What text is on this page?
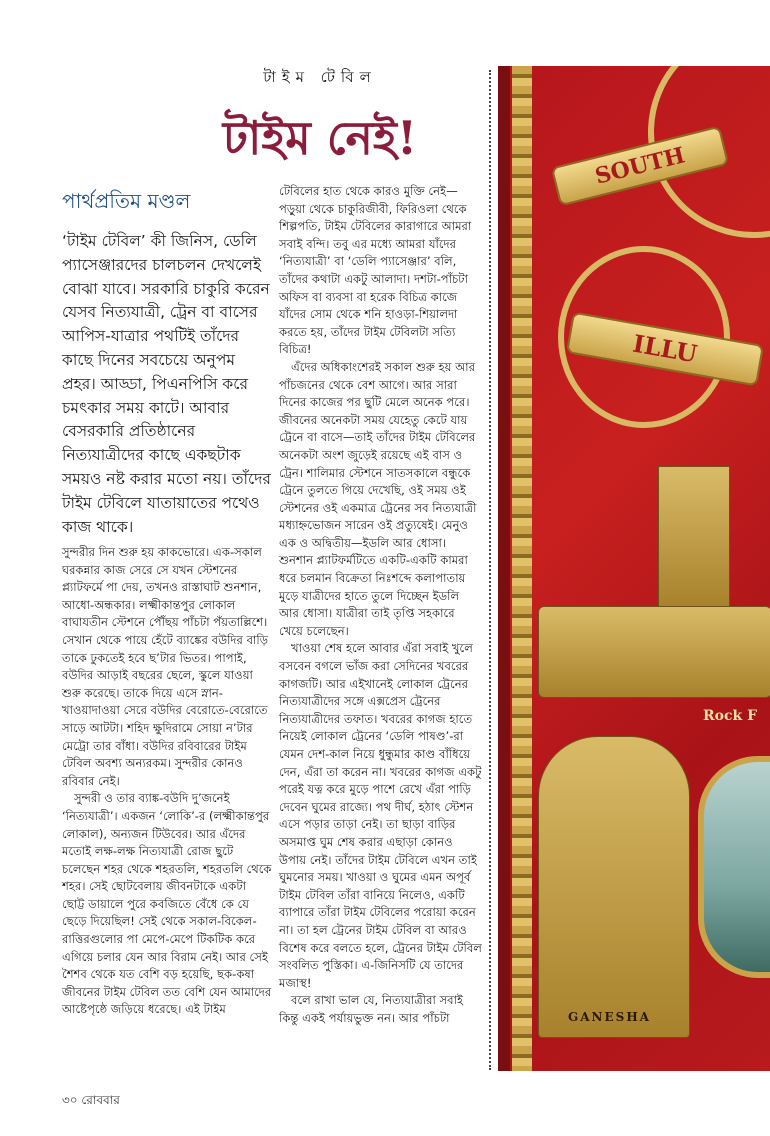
টাইম টেবিল
টাইম নেই!
পার্থপ্রতিম মণ্ডল
‘টাইম টেবিল’ কী জিনিস, ডেলি প্যাসেঞ্জারদের চালচলন দেখলেই বোঝা যাবে। সরকারি চাকুরি করেন যেসব নিত্যযাত্রী, ট্রেন বা বাসের আপিস-যাত্রার পথটিই তাঁদের কাছে দিনের সবচেয়ে অনুপম প্রহর। আড্ডা, পিএনপিসি করে চমৎকার সময় কাটে। আবার বেসরকারি প্রতিষ্ঠানের নিত্যযাত্রীদের কাছে একছটাক সময়ও নষ্ট করার মতো নয়। তাঁদের টাইম টেবিলে যাতায়াতের পথেও কাজ থাকে।

সুন্দরীর দিন শুরু হয় কাকভোরে। এক-সকাল ঘরকন্নার কাজ সেরে সে যখন স্টেশনের প্ল্যাটফর্মে পা দেয়, তখনও রাস্তাঘাট শুনশান, আধো-অন্ধকার। লক্ষ্মীকান্তপুর লোকাল বাঘাযতীন স্টেশনে পৌঁছয় পাঁচটা পঁয়তাল্লিশে। সেখান থেকে পায়ে হেঁটে ব্যাঙ্কের বউদির বাড়ি তাকে ঢুকতেই হবে ছ’টার ভিতর। পাপাই, বউদির আড়াই বছরের ছেলে, স্কুলে যাওয়া শুরু করেছে। তাকে দিয়ে এসে স্নান-খাওয়াদাওয়া সেরে বউদির বেরোতে-বেরোতে সাড়ে আটটা। শহিদ ক্ষুদিরামে সোয়া ন’টার মেট্রো তার বাঁধা। বউদির রবিবারের টাইম টেবিল অবশ্য অন্যরকম। সুন্দরীর কোনও রবিবার নেই।

সুন্দরী ও তার ব্যাঙ্ক-বউদি দু’জনেই ‘নিত্যযাত্রী’। একজন ‘লোকি’-র (লক্ষ্মীকান্তপুর লোকাল), অন্যজন টিউবের। আর এঁদের মতোই লক্ষ-লক্ষ নিত্যযাত্রী রোজ ছুটে চলেছেন শহর থেকে শহরতলি, শহরতলি থেকে শহর। সেই ছোটবেলায় জীবনটাকে একটা ছোট্ট ডায়ালে পুরে কবজিতে বেঁধে কে যে ছেড়ে দিয়েছিল! সেই থেকে সকাল-বিকেল-রাত্তিরগুলোর পা মেপে-মেপে টিকটিক করে এগিয়ে চলার যেন আর বিরাম নেই। আর সেই শৈশব থেকে যত বেশি বড় হয়েছি, ছক-কষা জীবনের টাইম টেবিল তত বেশি যেন আমাদের আষ্টেপৃষ্ঠে জড়িয়ে ধরেছে। এই টাইম

টেবিলের হাত থেকে কারও মুক্তি নেই—পড়ুয়া থেকে চাকুরিজীবী, ফিরিওলা থেকে শিল্পপতি, টাইম টেবিলের কারাগারে আমরা সবাই বন্দি। তবু এর মধ্যে আমরা যাঁদের ‘নিত্যযাত্রী’ বা ‘ডেলি প্যাসেঞ্জার’ বলি, তাঁদের কথাটা একটু আলাদা। দশটা-পাঁচটা অফিস বা ব্যবসা বা হরেক বিচিত্র কাজে যাঁদের সোম থেকে শনি হাওড়া-শিয়ালদা করতে হয়, তাঁদের টাইম টেবিলটা সত্যি বিচিত্র!

এঁদের অধিকাংশেরই সকাল শুরু হয় আর পাঁচজনের থেকে বেশ আগে। আর সারা দিনের কাজের পর ছুটি মেলে অনেক পরে। জীবনের অনেকটা সময় যেহেতু কেটে যায় ট্রেনে বা বাসে—তাই তাঁদের টাইম টেবিলের অনেকটা অংশ জুড়েই রয়েছে এই বাস ও ট্রেন। শালিমার স্টেশনে সাতসকালে বন্ধুকে ট্রেনে তুলতে গিয়ে দেখেছি, ওই সময় ওই স্টেশনের ওই একমাত্র ট্রেনের সব নিত্যযাত্রী মধ্যাহ্নভোজন সারেন ওই প্রত্যুষেই। মেনুও এক ও অদ্বিতীয়—ইডলি আর ধোসা। শুনশান প্ল্যাটফর্মটিতে একটি-একটি কামরা ধরে চলমান বিক্রেতা নিঃশব্দে কলাপাতায় মুড়ে যাত্রীদের হাতে তুলে দিচ্ছেন ইডলি আর ধোসা। যাত্রীরা তাই তৃপ্তি সহকারে খেয়ে চলেছেন।

খাওয়া শেষ হলে আবার এঁরা সবাই খুলে বসবেন বগলে ভাঁজ করা সেদিনের খবরের কাগজটি। আর এইখানেই লোকাল ট্রেনের নিত্যযাত্রীদের সঙ্গে এক্সপ্রেস ট্রেনের নিত্যযাত্রীদের তফাত। খবরের কাগজ হাতে নিয়েই লোকাল ট্রেনের ‘ডেলি পাষণ্ড’-রা যেমন দেশ-কাল নিয়ে ধুন্ধুমার কাণ্ড বাঁধিয়ে দেন, এঁরা তা করেন না। খবরের কাগজ একটু পরেই যত্ন করে মুড়ে পাশে রেখে এঁরা পাড়ি দেবেন ঘুমের রাজ্যে। পথ দীর্ঘ, হঠাৎ স্টেশন এসে পড়ার তাড়া নেই। তা ছাড়া বাড়ির অসমাপ্ত ঘুম শেষ করার এছাড়া কোনও উপায় নেই। তাঁদের টাইম টেবিলে এখন তাই ঘুমনোর সময়। খাওয়া ও ঘুমের এমন অপূর্ব টাইম টেবিল তাঁরা বানিয়ে নিলেও, একটি ব্যাপারে তাঁরা টাইম টেবিলের পরোয়া করেন না। তা হল ট্রেনের টাইম টেবিল বা আরও বিশেষ করে বলতে হলে, ট্রেনের টাইম টেবিল সংবলিত পুস্তিকা। এ-জিনিসটি যে তাদের মজাস্থ!

বলে রাখা ভাল যে, নিত্যযাত্রীরা সবাই কিন্তু একই পর্যায়ভুক্ত নন। আর পাঁচটা

SOUTH
ILLU
Rock F
GANESHA
৩০ রোববার
